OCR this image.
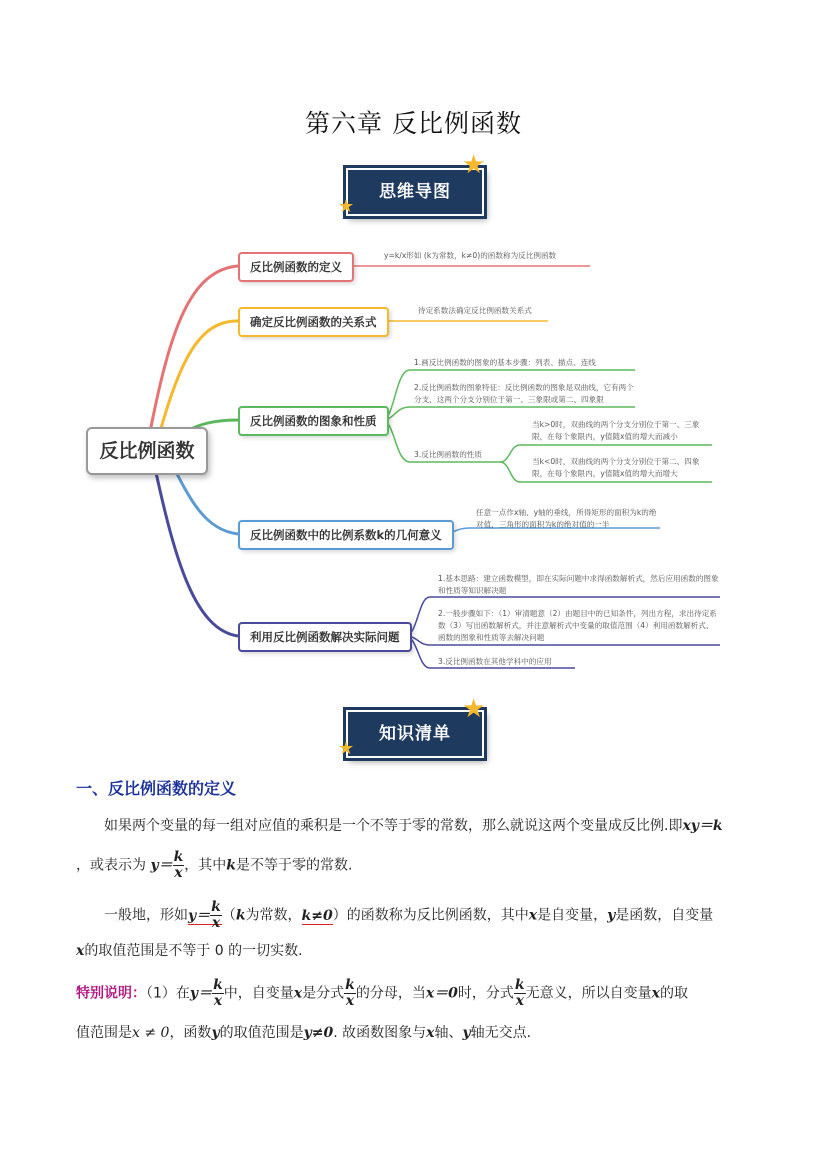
第六章 反比例函数
思维导图
★
★
反比例函数
反比例函数的定义
确定反比例函数的关系式
反比例函数的图象和性质
反比例函数中的比例系数k的几何意义
利用反比例函数解决实际问题
y=k/x形如 (k为常数，k≠0)的函数称为反比例函数
待定系数法确定反比例函数关系式
1.画反比例函数的图象的基本步骤：列表、描点、连线
2.反比例函数的图象特征：反比例函数的图象是双曲线，它有两个分支，这两个分支分别位于第一、三象限或第二、四象限
3.反比例函数的性质
当k>0时，双曲线的两个分支分别位于第一、三象限，在每个象限内，y值随x值的增大而减小
当k<0时，双曲线的两个分支分别位于第二、四象限，在每个象限内，y值随x值的增大而增大
任意一点作x轴、y轴的垂线，所得矩形的面积为k的绝对值，三角形的面积为k的绝对值的一半
1.基本思路：建立函数模型，即在实际问题中求得函数解析式，然后应用函数的图象和性质等知识解决题
2.一般步骤如下：（1）审清题意（2）由题目中的已知条件，列出方程，求出待定系数（3）写出函数解析式，并注意解析式中变量的取值范围（4）利用函数解析式、函数的图象和性质等去解决问题
3.反比例函数在其他学科中的应用
知识清单
★
★
一、反比例函数的定义
如果两个变量的每一组对应值的乘积是一个不等于零的常数，那么就说这两个变量成反比例.即xy＝k
，或表示为 $y= \frac{k}{x}$ ，其中k是不等于零的常数.
一般地，形如$y= \frac{k}{x} (k$为常数，k≠0）的函数称为反比例函数，其中x是自变量，y是函数，自变量
x的取值范围是不等于 0 的一切实数.
特别说明：（1）在$y= \frac{k}{x}$ 中，自变量x是分式 $\frac{k}{x}$ 的分母，当x＝0时，分式 $\frac{k}{x}$ 无意义，所以自变量x的取
值范围是x ≠ 0，函数y的取值范围是y≠0. 故函数图象与x轴、y轴无交点.
